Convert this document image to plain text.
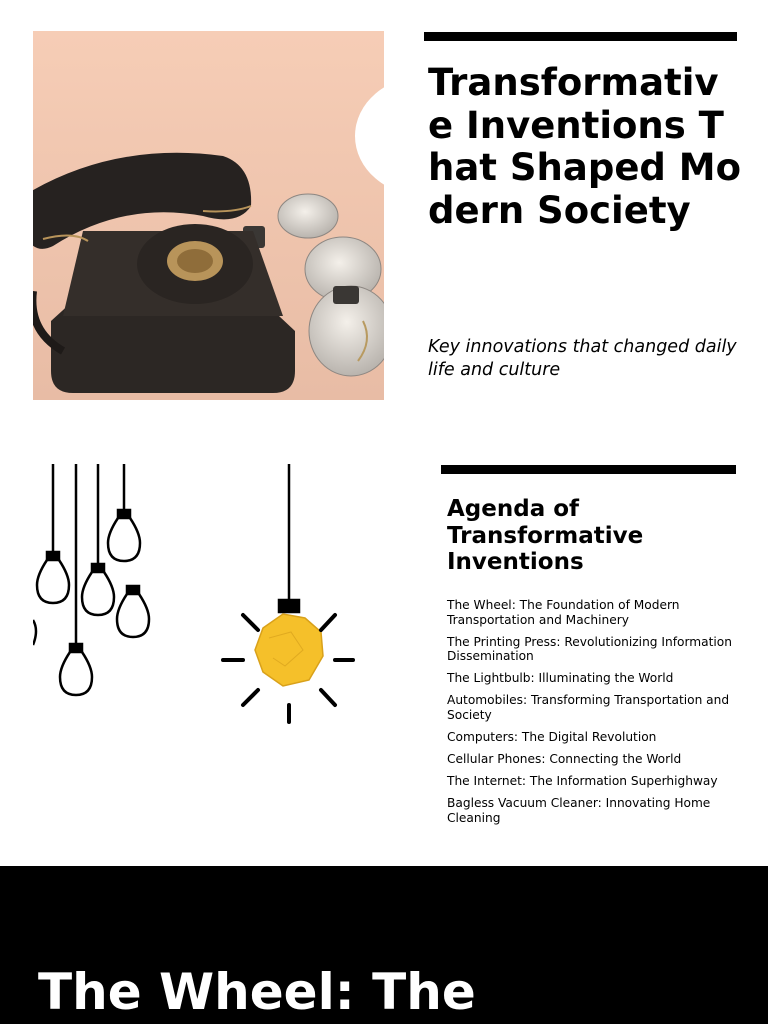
Transformative Inventions That Shaped Modern Society

Key innovations that changed daily life and culture

Agenda of Transformative Inventions
The Wheel: The Foundation of Modern Transportation and Machinery
The Printing Press: Revolutionizing Information Dissemination
The Lightbulb: Illuminating the World
Automobiles: Transforming Transportation and Society
Computers: The Digital Revolution
Cellular Phones: Connecting the World
The Internet: The Information Superhighway
Bagless Vacuum Cleaner: Innovating Home Cleaning
The Wheel: The
